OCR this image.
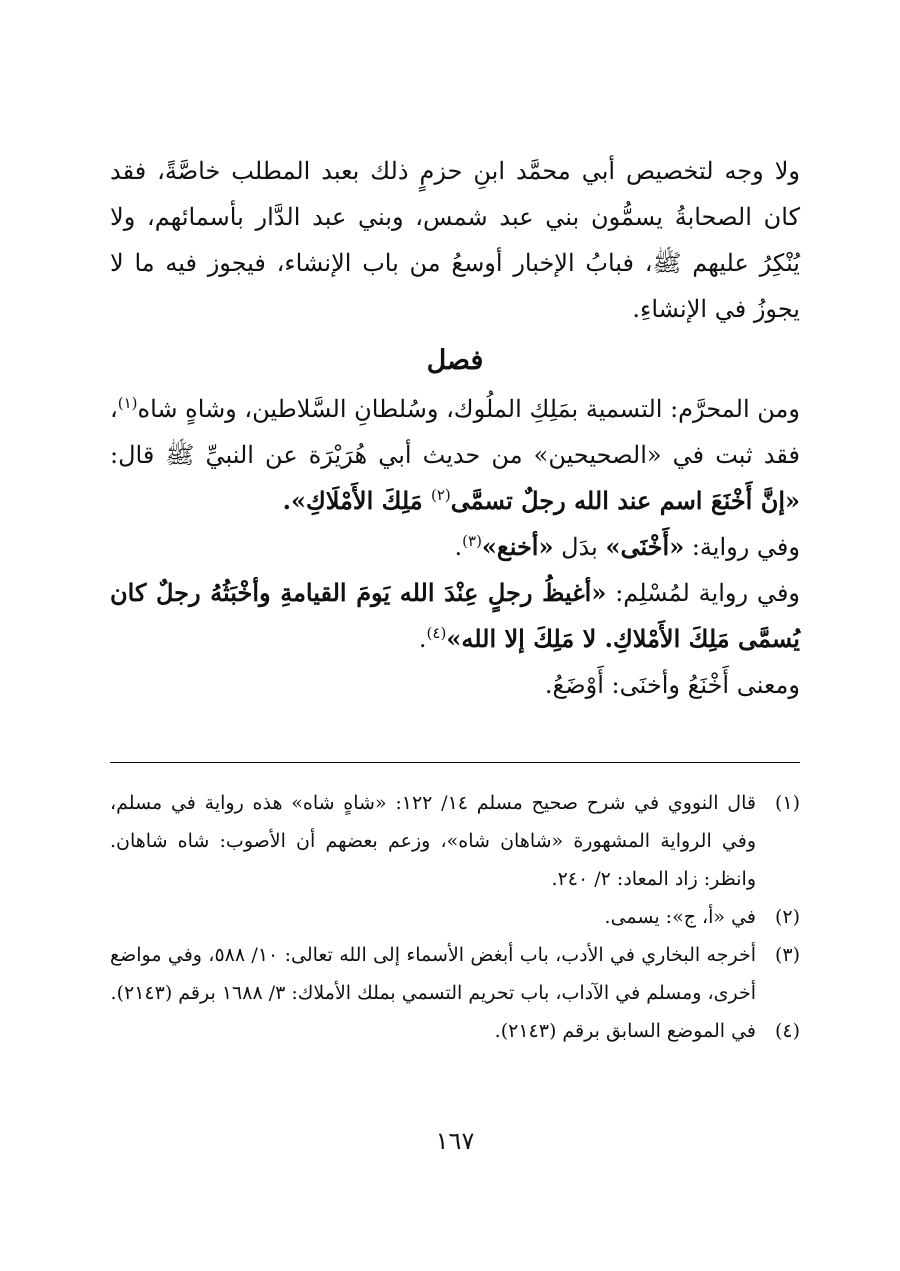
ولا وجه لتخصيص أبي محمَّد ابنِ حزمٍ ذلك بعبد المطلب خاصَّةً، فقد كان الصحابةُ يسمُّون بني عبد شمس، وبني عبد الدَّار بأسمائهم، ولا يُنْكِرُ عليهم ﷺ، فبابُ الإخبار أوسعُ من باب الإنشاء، فيجوز فيه ما لا يجوزُ في الإنشاءِ.

فصل

ومن المحرَّم: التسمية بمَلِكِ الملُوك، وسُلطانِ السَّلاطين، وشاهٍ شاه$^{(١)}$، فقد ثبت في «الصحيحين» من حديث أبي هُرَيْرَة عن النبيِّ ﷺ قال: «إنَّ أَخْنَعَ اسم عند الله رجلٌ تسمَّى$^{(٢)}$ مَلِكَ الأَمْلَاكِ».

وفي رواية: «أَخْنَى» بدَل «أخنع»$^{(٣)}$.

وفي رواية لمُسْلِم: «أغيظُ رجلٍ عِنْدَ الله يَومَ القيامةِ وأخْبَثُهُ رجلٌ كان يُسمَّى مَلِكَ الأَمْلاكِ. لا مَلِكَ إلا الله»$^{(٤)}$.

ومعنى أَخْنَعُ وأخنَى: أَوْضَعُ.

(١)
قال النووي في شرح صحيح مسلم ١٤/ ١٢٢: «شاهٍ شاه» هذه رواية في مسلم، وفي الرواية المشهورة «شاهان شاه»، وزعم بعضهم أن الأصوب: شاه شاهان. وانظر: زاد المعاد: ٢/ ٢٤٠.
(٢)
في «أ، ج»: يسمى.
(٣)
أخرجه البخاري في الأدب، باب أبغض الأسماء إلى الله تعالى: ١٠/ ٥٨٨، وفي مواضع أخرى، ومسلم في الآداب، باب تحريم التسمي بملك الأملاك: ٣/ ١٦٨٨ برقم (٢١٤٣).
(٤)
في الموضع السابق برقم (٢١٤٣).
١٦٧
